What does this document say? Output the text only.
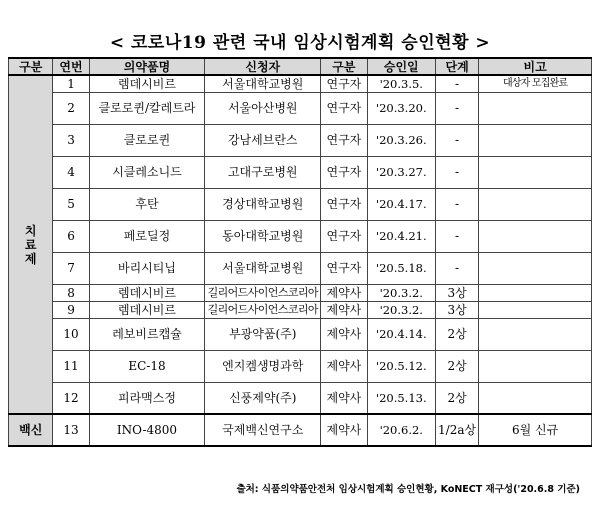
< 코로나19 관련 국내 임상시험계획 승인현황 >
구분	연번	의약품명	신청자	구분	승인일	단계	비고

치
료
제	1	렘데시비르	서울대학교병원	연구자	'20.3.5.	-	대상자 모집완료
	2	클로로퀸/칼레트라	서울아산병원	연구자	'20.3.20.	-	
	3	클로로퀸	강남세브란스	연구자	'20.3.26.	-	
	4	시클레소니드	고대구로병원	연구자	'20.3.27.	-	
	5	후탄	경상대학교병원	연구자	'20.4.17.	-	
	6	페로딜정	동아대학교병원	연구자	'20.4.21.	-	
	7	바리시티닙	서울대학교병원	연구자	'20.5.18.	-	
	8	렘데시비르	길리어드사이언스코리아	제약사	'20.3.2.	3상	
	9	렘데시비르	길리어드사이언스코리아	제약사	'20.3.2.	3상	
	10	레보비르캡슐	부광약품(주)	제약사	'20.4.14.	2상	
	11	EC-18	엔지켐생명과학	제약사	'20.5.12.	2상	
	12	피라맥스정	신풍제약(주)	제약사	'20.5.13.	2상	
백신	13	INO-4800	국제백신연구소	제약사	'20.6.2.	1/2a상	6월 신규
출처: 식품의약품안전처 임상시험계획 승인현황, KoNECT 재구성('20.6.8 기준)
